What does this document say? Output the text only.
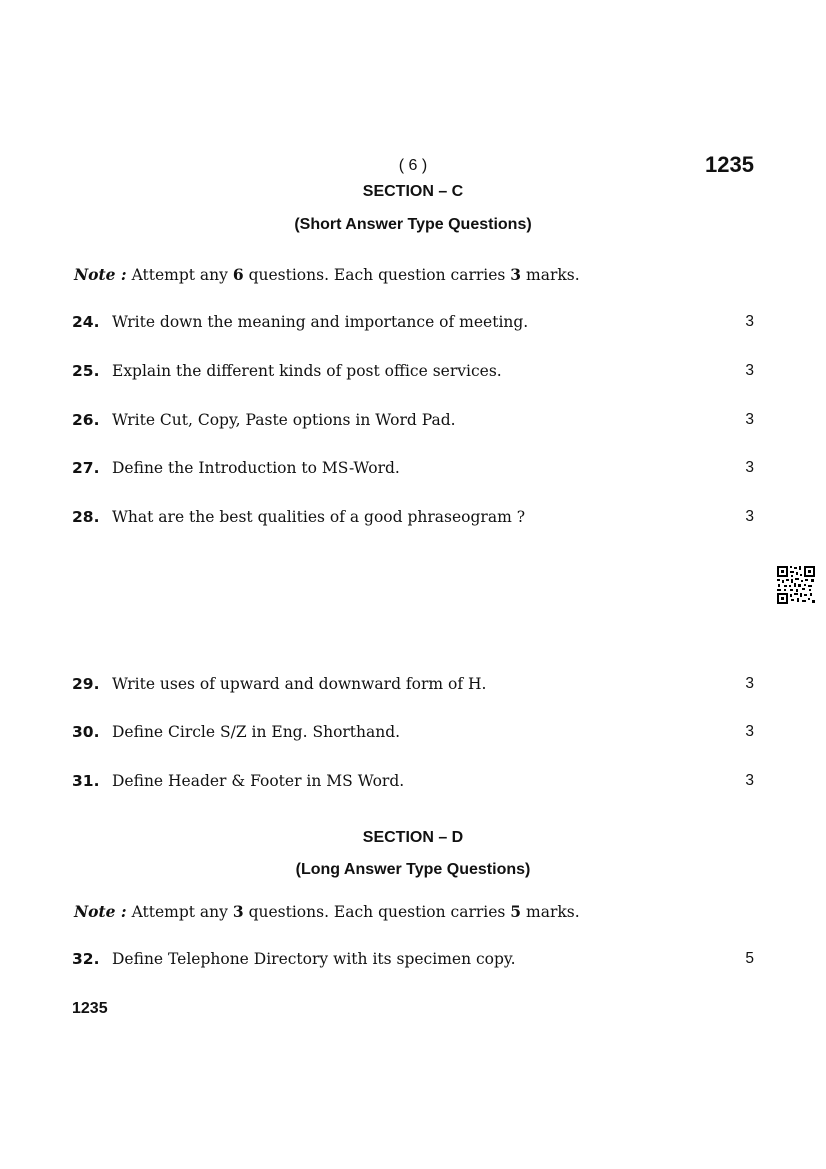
( 6 )	1235
SECTION – C
(Short Answer Type Questions)
Note : Attempt any 6 questions. Each question carries 3 marks.
24. Write down the meaning and importance of meeting.	3
25. Explain the different kinds of post office services.	3
26. Write Cut, Copy, Paste options in Word Pad.	3
27. Define the Introduction to MS-Word.	3
28. What are the best qualities of a good phraseogram ?	3
29. Write uses of upward and downward form of H.	3
30. Define Circle S/Z in Eng. Shorthand.	3
31. Define Header & Footer in MS Word.	3
SECTION – D
(Long Answer Type Questions)
Note : Attempt any 3 questions. Each question carries 5 marks.
32. Define Telephone Directory with its specimen copy.	5
1235
